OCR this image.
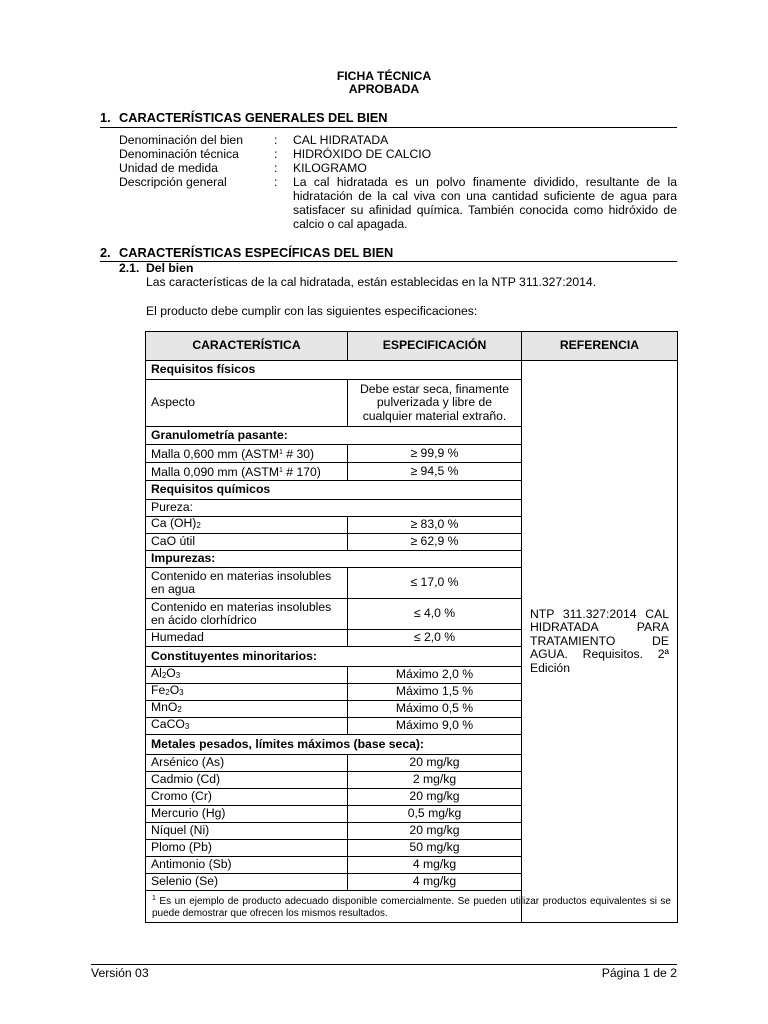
FICHA TÉCNICA
APROBADA
1. CARACTERÍSTICAS GENERALES DEL BIEN
Denominación del bien	: CAL HIDRATADA
Denominación técnica	: HIDRÓXIDO DE CALCIO
Unidad de medida	: KILOGRAMO
Descripción general	: La cal hidratada es un polvo finamente dividido, resultante de la hidratación de la cal viva con una cantidad suficiente de agua para satisfacer su afinidad química. También conocida como hidróxido de calcio o cal apagada.
2. CARACTERÍSTICAS ESPECÍFICAS DEL BIEN
2.1. Del bien
Las características de la cal hidratada, están establecidas en la NTP 311.327:2014.
El producto debe cumplir con las siguientes especificaciones:
CARACTERÍSTICA	ESPECIFICACIÓN	REFERENCIA
Requisitos físicos		NTP 311.327:2014 CAL HIDRATADA PARA TRATAMIENTO DE AGUA. Requisitos. 2ª Edición
Aspecto	Debe estar seca, finamente pulverizada y libre de cualquier material extraño.	
Granulometría pasante:		
Malla 0,600 mm (ASTM$^1$ # 30)	≥ 99,9 %	
Malla 0,090 mm (ASTM$^1$ # 170)	≥ 94,5 %	
Requisitos químicos		
Pureza:		
Ca $(OH)_2$	≥ 83,0 %	
CaO útil	≥ 62,9 %	
Impurezas:		
Contenido en materias insolubles en agua	≤ 17,0 %	
Contenido en materias insolubles en ácido clorhídrico	≤ 4,0 %	
Humedad	≤ 2,0 %	
Constituyentes minoritarios:		
$Al_2O_3$	Máximo 2,0 %	
$Fe_2O_3$	Máximo 1,5 %	
MnO$_2$	Máximo 0,5 %	
CaCO$_3$	Máximo 9,0 %	
Metales pesados, límites máximos (base seca):		
Arsénico (As)	20 mg/kg	
Cadmio (Cd)	2 mg/kg	
Cromo (Cr)	20 mg/kg	
Mercurio (Hg)	0,5 mg/kg	
Níquel (Ni)	20 mg/kg	
Plomo (Pb)	50 mg/kg	
Antimonio (Sb)	4 mg/kg	
Selenio (Se)	4 mg/kg	
$^1$ Es un ejemplo de producto adecuado disponible comercialmente. Se pueden utilizar productos equivalentes si se puede demostrar que ofrecen los mismos resultados.		
Versión 03	Página 1 de 2
